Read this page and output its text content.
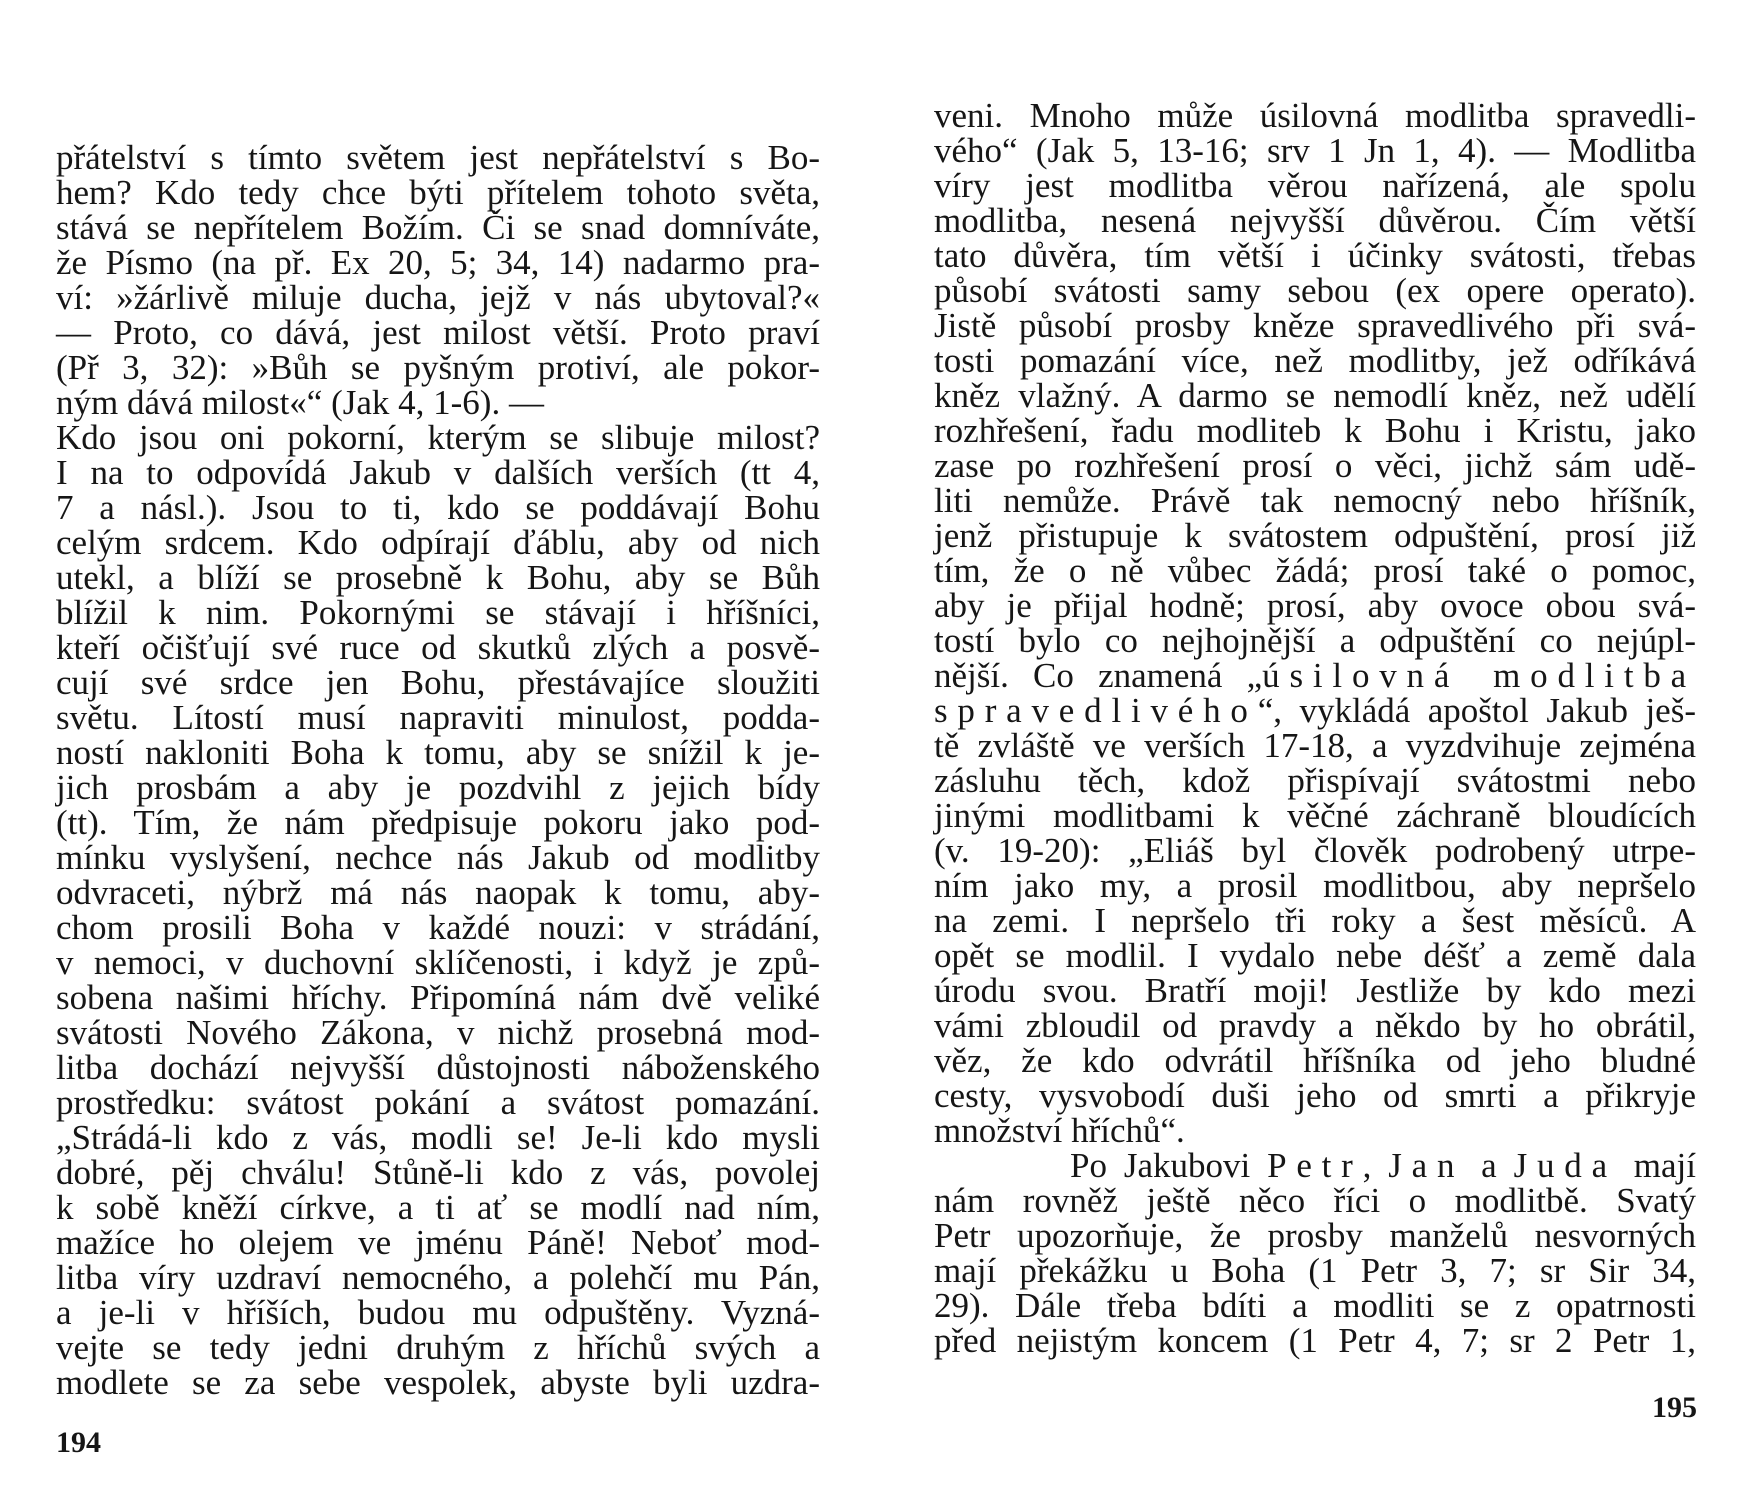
přátelství s tímto světem jest nepřátelství s Bo-
hem? Kdo tedy chce býti přítelem tohoto světa,
stává se nepřítelem Božím. Či se snad domníváte,
že Písmo (na př. Ex 20, 5; 34, 14) nadarmo pra-
ví: »žárlivě miluje ducha, jejž v nás ubytoval?«
— Proto, co dává, jest milost větší. Proto praví
(Př 3, 32): »Bůh se pyšným protiví, ale pokor-
ným dává milost«“ (Jak 4, 1-6). —
Kdo jsou oni pokorní, kterým se slibuje milost?
I na to odpovídá Jakub v dalších verších (tt 4,
7 a násl.). Jsou to ti, kdo se poddávají Bohu
celým srdcem. Kdo odpírají ďáblu, aby od nich
utekl, a blíží se prosebně k Bohu, aby se Bůh
blížil k nim. Pokornými se stávají i hříšníci,
kteří očišťují své ruce od skutků zlých a posvě-
cují své srdce jen Bohu, přestávajíce sloužiti
světu. Lítostí musí napraviti minulost, podda-
ností nakloniti Boha k tomu, aby se snížil k je-
jich prosbám a aby je pozdvihl z jejich bídy
(tt). Tím, že nám předpisuje pokoru jako pod-
mínku vyslyšení, nechce nás Jakub od modlitby
odvraceti, nýbrž má nás naopak k tomu, aby-
chom prosili Boha v každé nouzi: v strádání,
v nemoci, v duchovní sklíčenosti, i když je způ-
sobena našimi hříchy. Připomíná nám dvě veliké
svátosti Nového Zákona, v nichž prosebná mod-
litba dochází nejvyšší důstojnosti náboženského
prostředku: svátost pokání a svátost pomazání.
„Strádá-li kdo z vás, modli se! Je-li kdo mysli
dobré, pěj chválu! Stůně-li kdo z vás, povolej
k sobě kněží církve, a ti ať se modlí nad ním,
mažíce ho olejem ve jménu Páně! Neboť mod-
litba víry uzdraví nemocného, a polehčí mu Pán,
a je-li v hříších, budou mu odpuštěny. Vyzná-
vejte se tedy jedni druhým z hříchů svých a
modlete se za sebe vespolek, abyste byli uzdra-
194
veni. Mnoho může úsilovná modlitba spravedli-
vého“ (Jak 5, 13-16; srv 1 Jn 1, 4). — Modlitba
víry jest modlitba věrou nařízená, ale spolu
modlitba, nesená nejvyšší důvěrou. Čím větší
tato důvěra, tím větší i účinky svátosti, třebas
působí svátosti samy sebou (ex opere operato).
Jistě působí prosby kněze spravedlivého při svá-
tosti pomazání více, než modlitby, jež odříkává
kněz vlažný. A darmo se nemodlí kněz, než udělí
rozhřešení, řadu modliteb k Bohu i Kristu, jako
zase po rozhřešení prosí o věci, jichž sám udě-
liti nemůže. Právě tak nemocný nebo hříšník,
jenž přistupuje k svátostem odpuštění, prosí již
tím, že o ně vůbec žádá; prosí také o pomoc,
aby je přijal hodně; prosí, aby ovoce obou svá-
tostí bylo co nejhojnější a odpuštění co nejúpl-
nější. Co znamená „úsilovná modlitba
spravedlivého“, vykládá apoštol Jakub ješ-
tě zvláště ve verších 17-18, a vyzdvihuje zejména
zásluhu těch, kdož přispívají svátostmi nebo
jinými modlitbami k věčné záchraně bloudících
(v. 19-20): „Eliáš byl člověk podrobený utrpe-
ním jako my, a prosil modlitbou, aby nepršelo
na zemi. I nepršelo tři roky a šest měsíců. A
opět se modlil. I vydalo nebe déšť a země dala
úrodu svou. Bratří moji! Jestliže by kdo mezi
vámi zbloudil od pravdy a někdo by ho obrátil,
věz, že kdo odvrátil hříšníka od jeho bludné
cesty, vysvobodí duši jeho od smrti a přikryje
množství hříchů“.
Po Jakubovi Petr, Jan a Juda mají
nám rovněž ještě něco říci o modlitbě. Svatý
Petr upozorňuje, že prosby manželů nesvorných
mají překážku u Boha (1 Petr 3, 7; sr Sir 34,
29). Dále třeba bdíti a modliti se z opatrnosti
před nejistým koncem (1 Petr 4, 7; sr 2 Petr 1,
195
